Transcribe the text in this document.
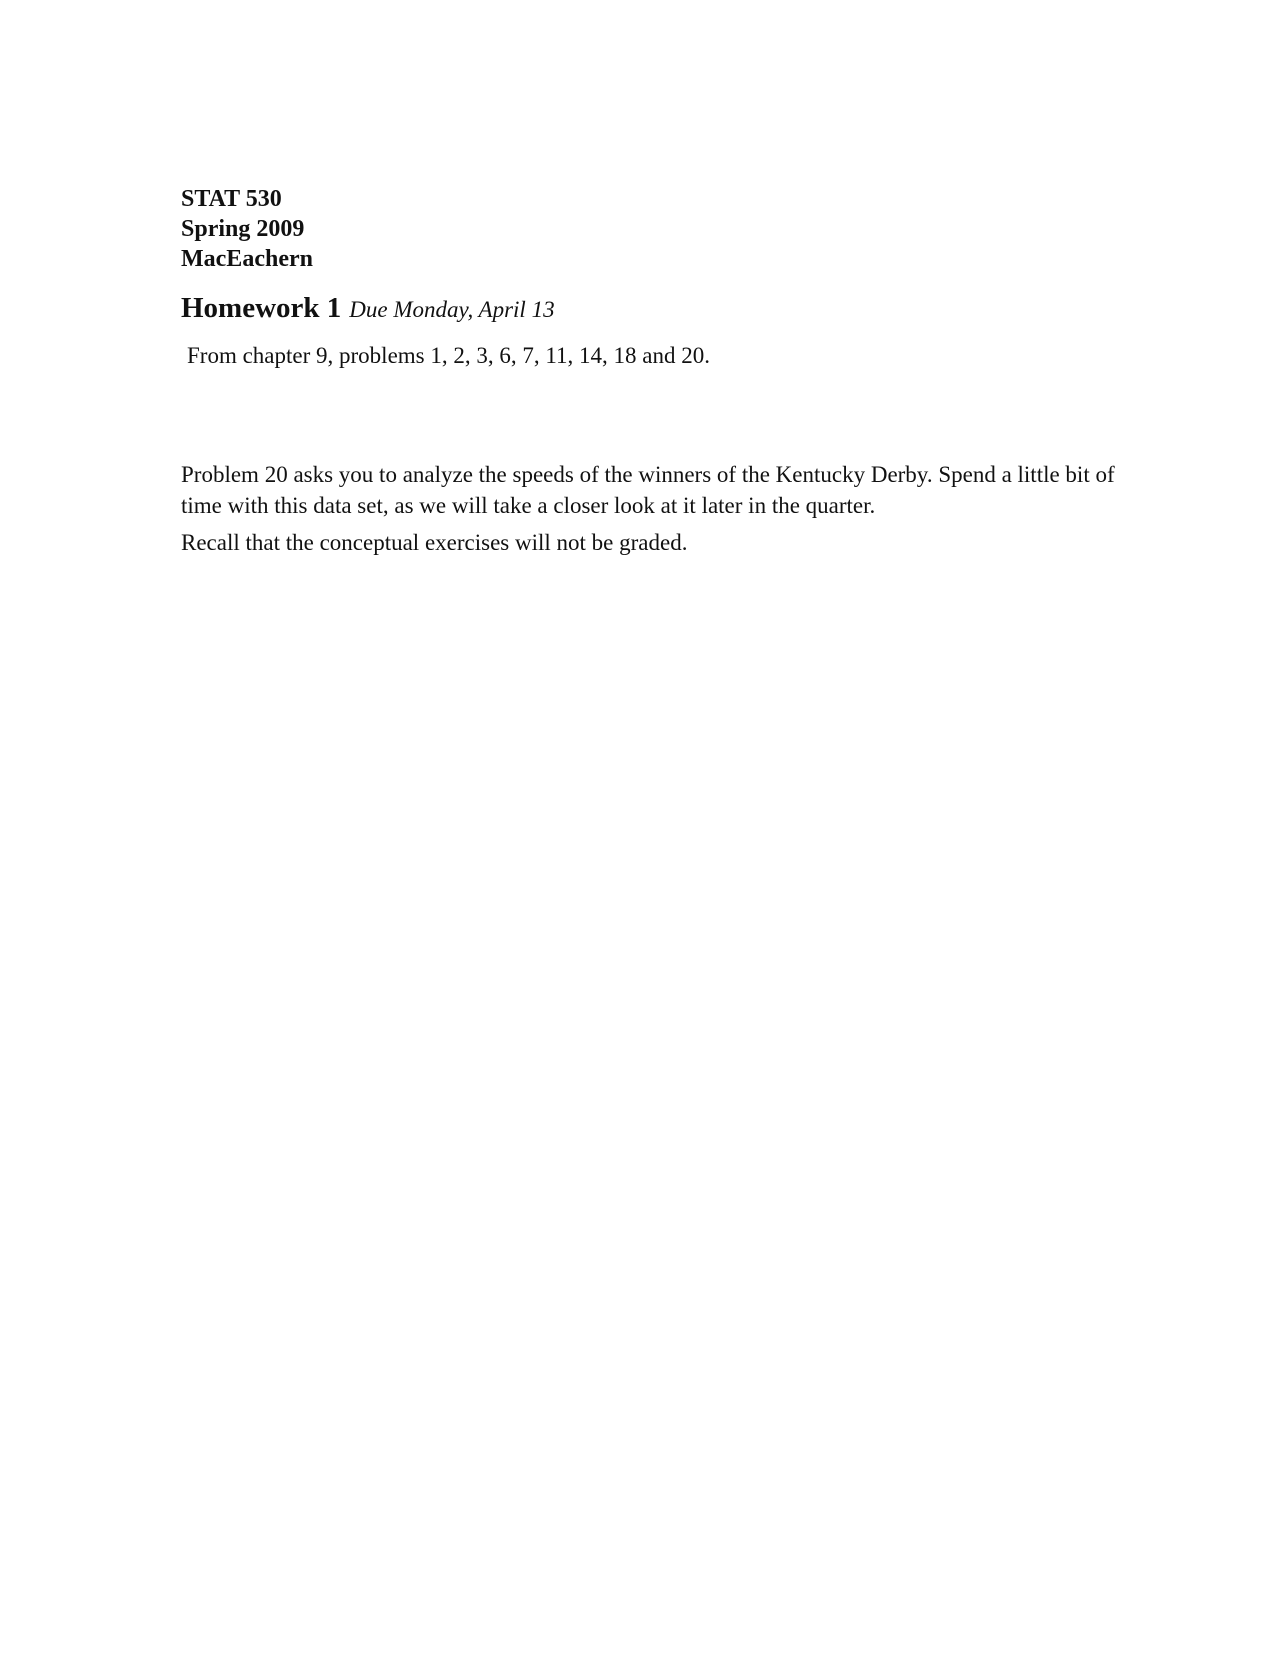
STAT 530
Spring 2009
MacEachern
Homework 1 Due Monday, April 13
From chapter 9, problems 1, 2, 3, 6, 7, 11, 14, 18 and 20.

Problem 20 asks you to analyze the speeds of the winners of the Kentucky Derby. Spend a little bit of time with this data set, as we will take a closer look at it later in the quarter.

Recall that the conceptual exercises will not be graded.
